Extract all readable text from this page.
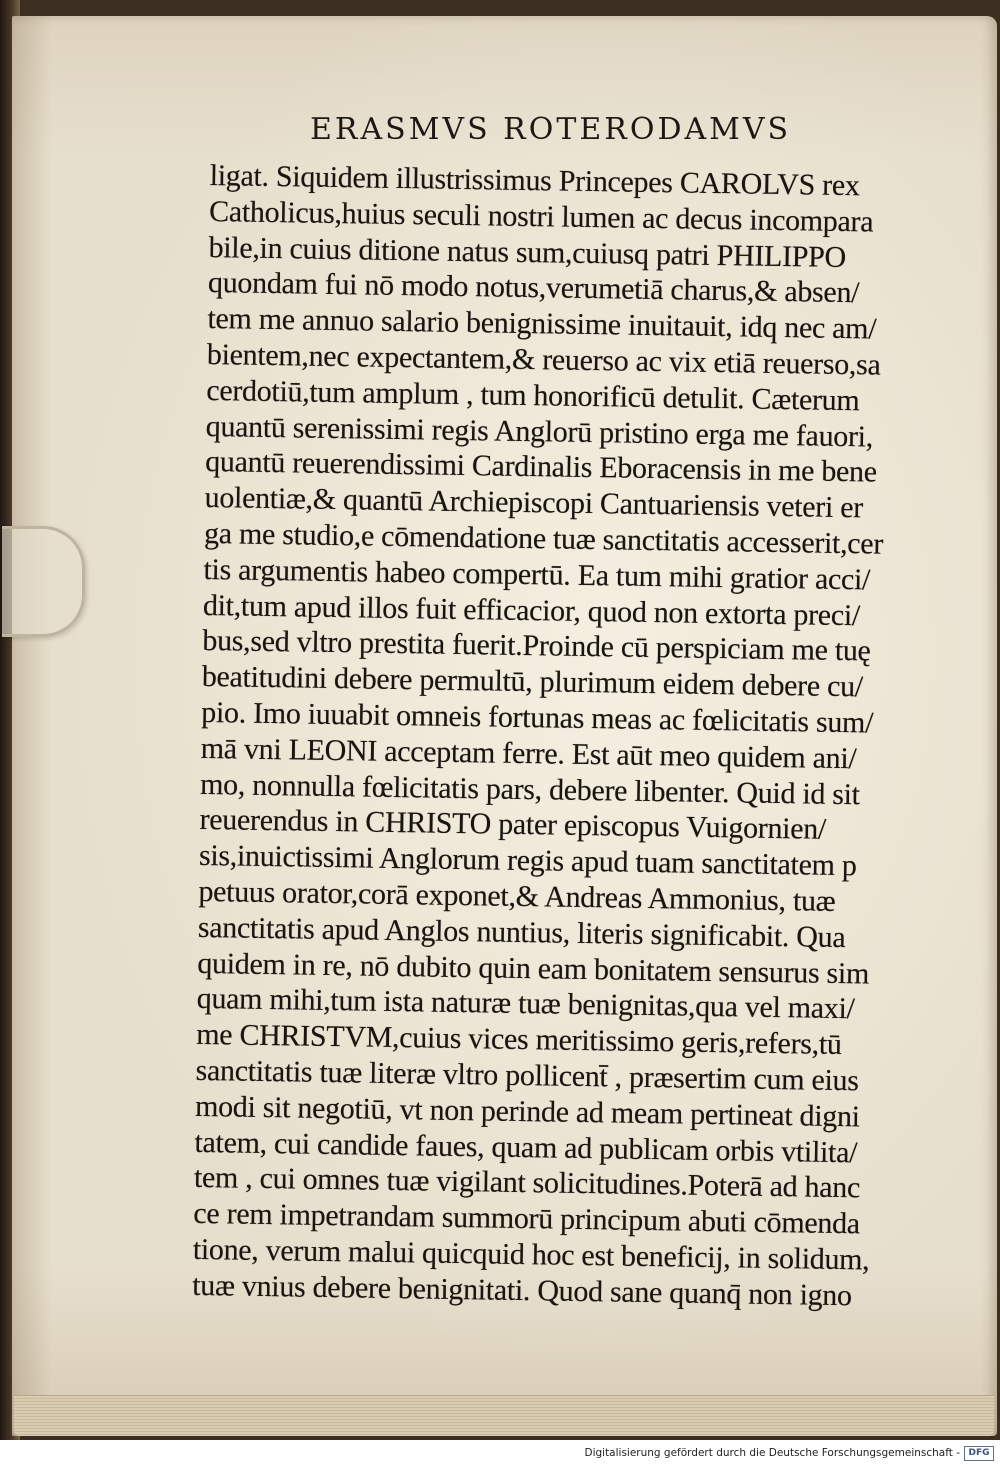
ERASMVS ROTERODAMVS
ligat. Siquidem illustrissimus Princepes CAROLVS rex
Catholicus,huius seculi nostri lumen ac decus incompara
bile,in cuius ditione natus sum,cuiusq patri PHILIPPO
quondam fui nō modo notus,verumetiā charus,& absen/
tem me annuo salario benignissime inuitauit, idq nec am/
bientem,nec expectantem,& reuerso ac vix etiā reuerso,sa
cerdotiū,tum amplum , tum honorificū detulit. Cæterum
quantū serenissimi regis Anglorū pristino erga me fauori,
quantū reuerendissimi Cardinalis Eboracensis in me bene
uolentiæ,& quantū Archiepiscopi Cantuariensis veteri er
ga me studio,e cōmendatione tuæ sanctitatis accesserit,cer
tis argumentis habeo compertū. Ea tum mihi gratior acci/
dit,tum apud illos fuit efficacior, quod non extorta preci/
bus,sed vltro prestita fuerit.Proinde cū perspiciam me tuę
beatitudini debere permultū, plurimum eidem debere cu/
pio. Imo iuuabit omneis fortunas meas ac fœlicitatis sum/
mā vni LEONI acceptam ferre. Est aūt meo quidem ani/
mo, nonnulla fœlicitatis pars, debere libenter. Quid id sit
reuerendus in CHRISTO pater episcopus Vuigornien/
sis,inuictissimi Anglorum regis apud tuam sanctitatem p
petuus orator,corā exponet,& Andreas Ammonius, tuæ
sanctitatis apud Anglos nuntius, literis significabit. Qua
quidem in re, nō dubito quin eam bonitatem sensurus sim
quam mihi,tum ista naturæ tuæ benignitas,qua vel maxi/
me CHRISTVM,cuius vices meritissimo geris,refers,tū
sanctitatis tuæ literæ vltro pollicent̄ , præsertim cum eius
modi sit negotiū, vt non perinde ad meam pertineat digni
tatem, cui candide faues, quam ad publicam orbis vtilita/
tem , cui omnes tuæ vigilant solicitudines.Poterā ad hanc
ce rem impetrandam summorū principum abuti cōmenda
tione, verum malui quicquid hoc est beneficij, in solidum,
tuæ vnius debere benignitati. Quod sane quanq̄ non igno
Digitalisierung gefördert durch die Deutsche Forschungsgemeinschaft - DFG
